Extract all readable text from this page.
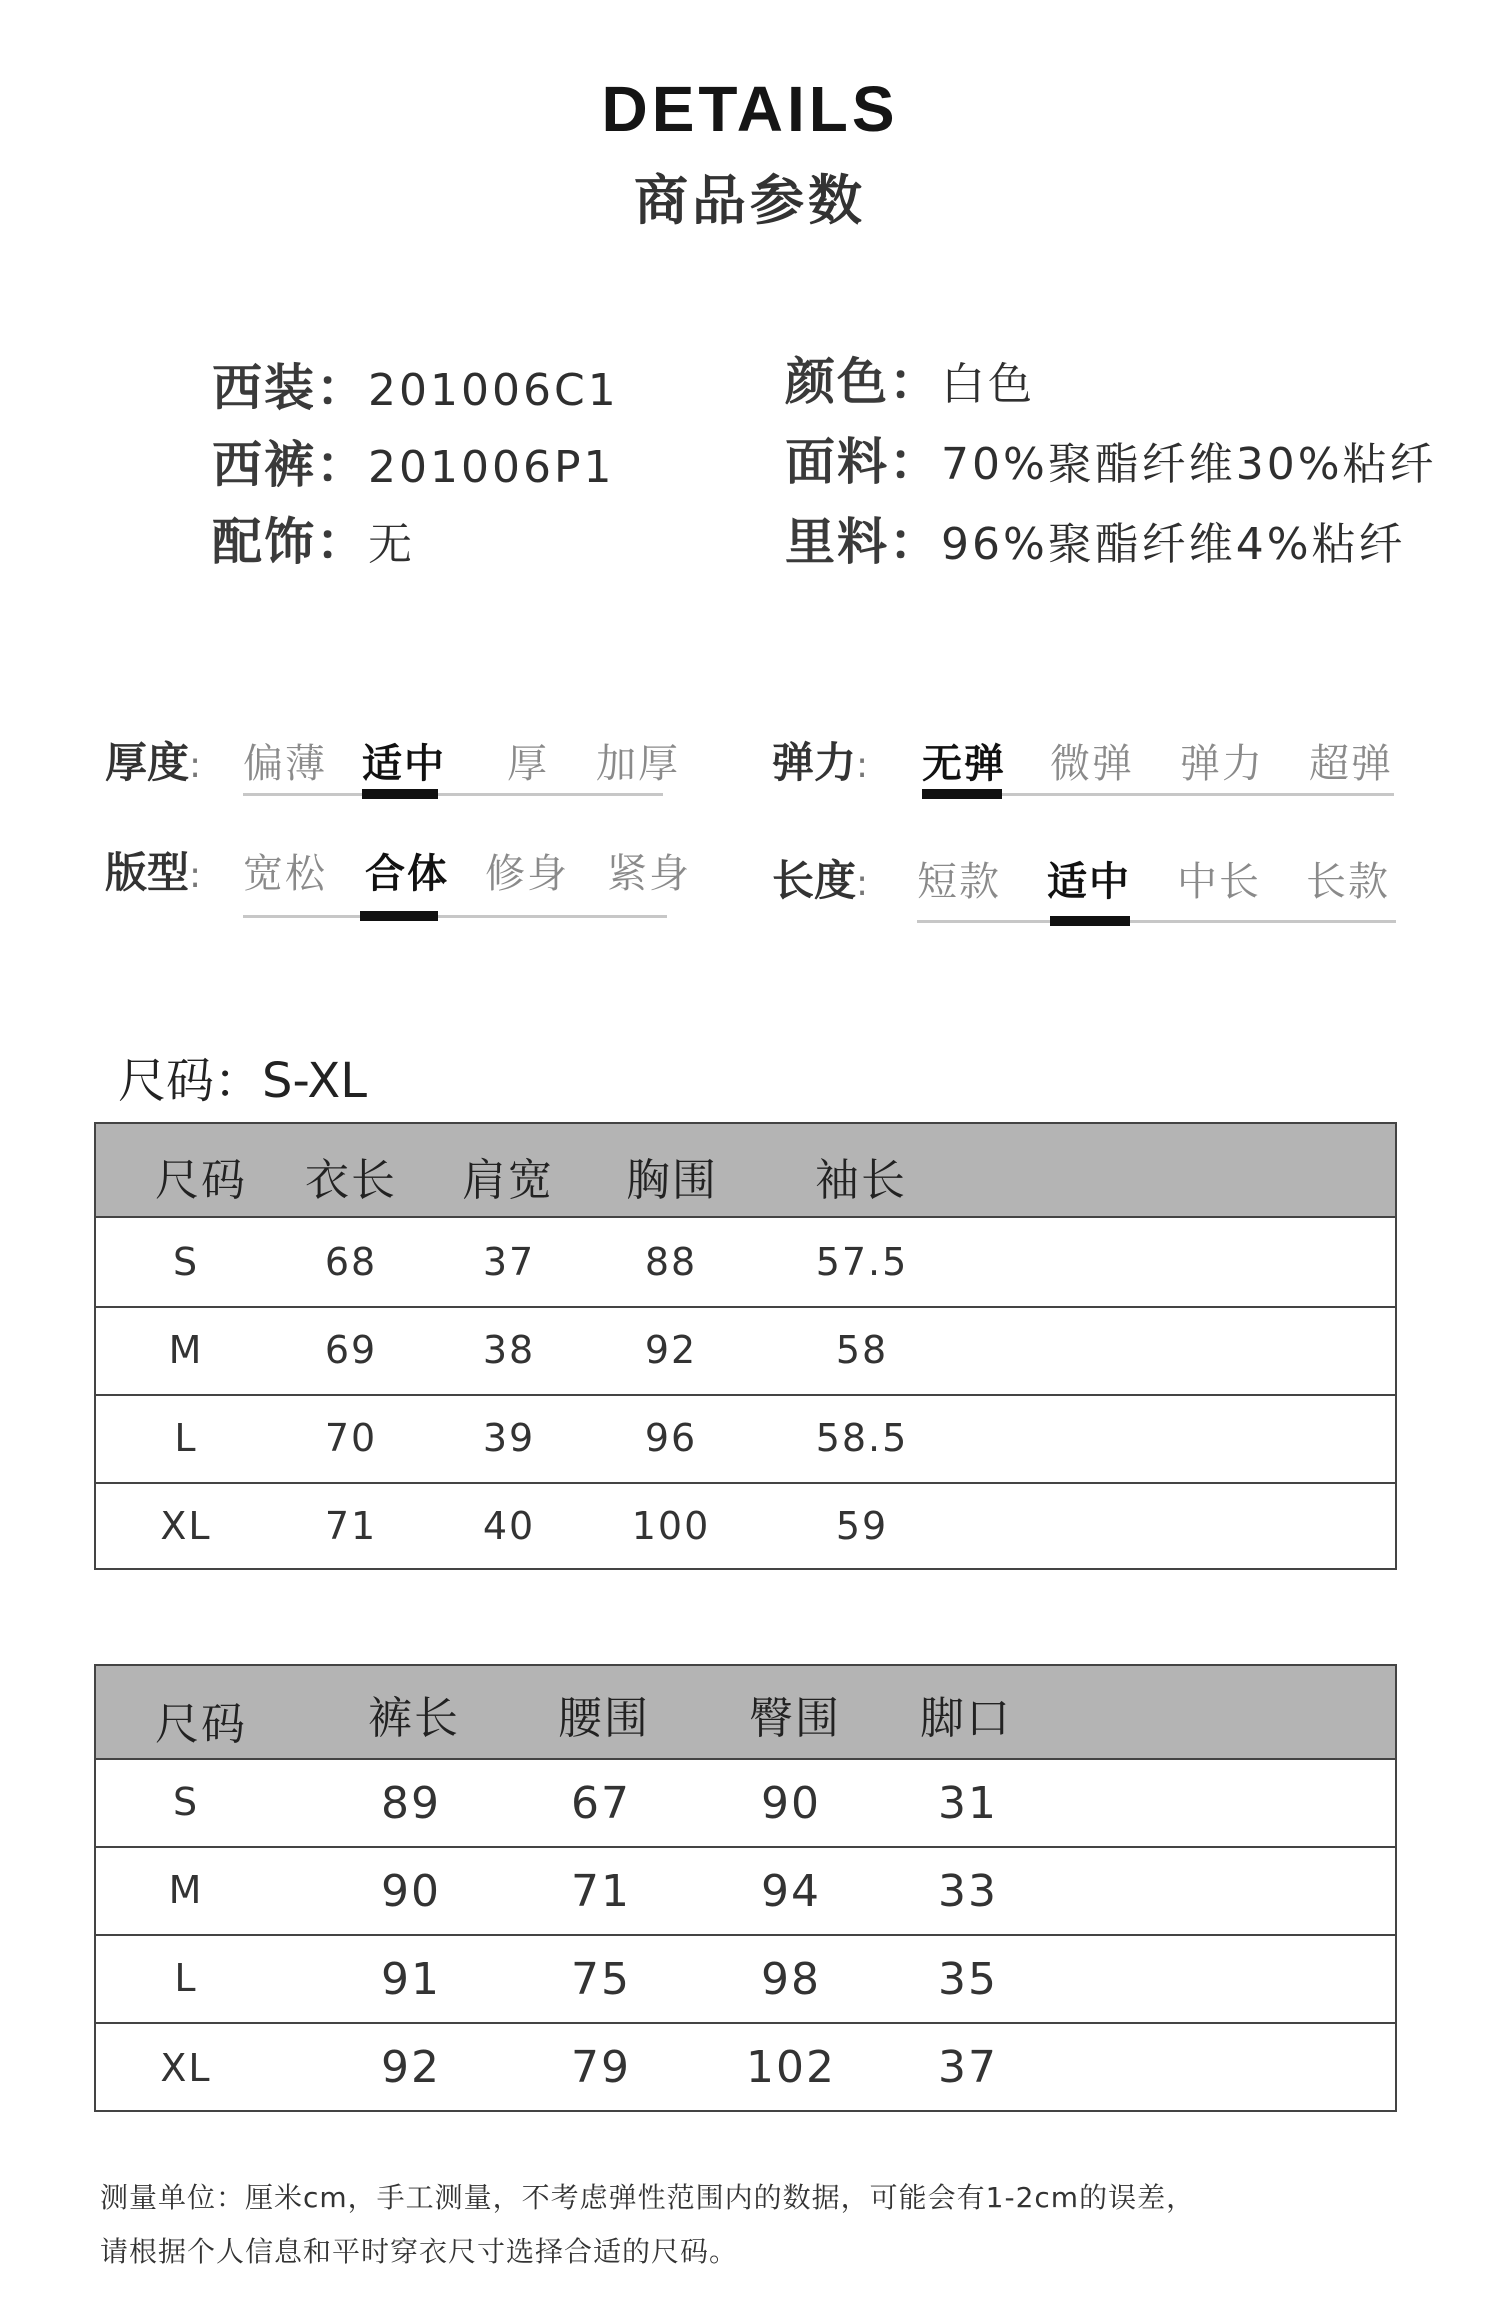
DETAILS
商品参数
西装：201006C1
西裤：201006P1
配饰：无
颜色：白色
面料：70%聚酯纤维30%粘纤
里料：96%聚酯纤维4%粘纤
厚度: 偏薄 适中 厚 加厚 弹力: 无弹 微弹 弹力 超弹
版型: 宽松 合体 修身 紧身 长度: 短款 适中 中长 长款
尺码：S-XL
尺码 衣长 肩宽 胸围 袖长
S	68	37	88	57.5
M	69	38	92	58
L	70	39	96	58.5
XL	71	40	100	59
尺码	裤长 腰围 臀围 脚口
S	89	67	90	31
M	90	71	94	33
L	91	75	98	35
XL	92	79	102 37
测量单位：厘米cm，手工测量，不考虑弹性范围内的数据，可能会有1-2cm的误差，
请根据个人信息和平时穿衣尺寸选择合适的尺码。
